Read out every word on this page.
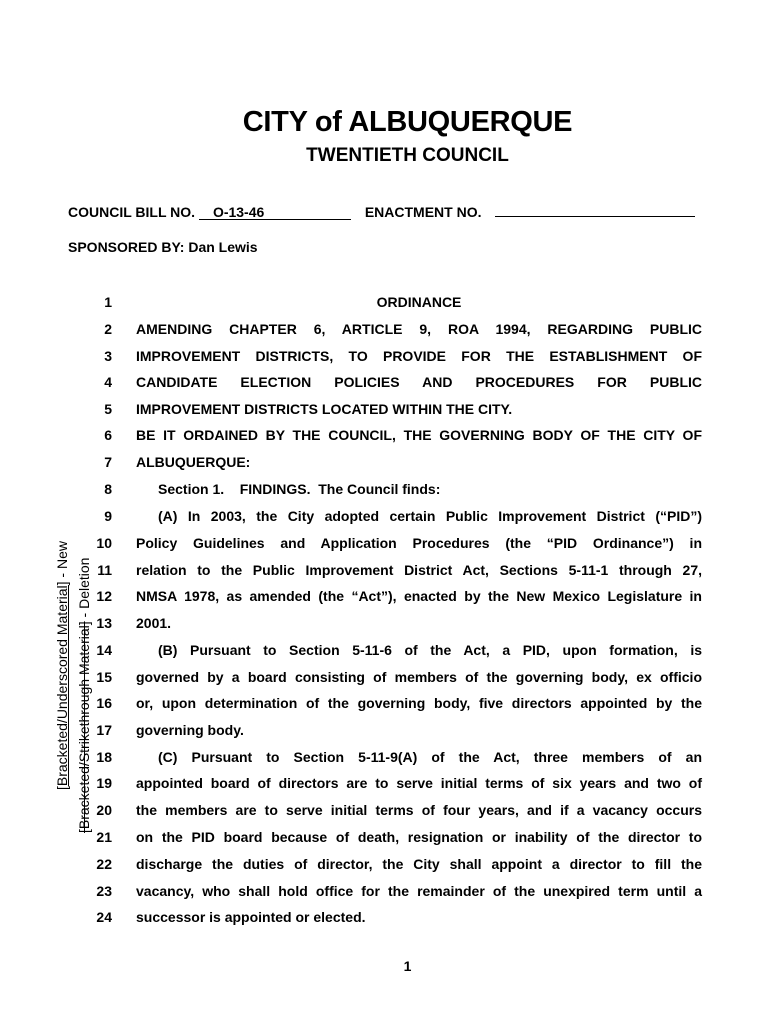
CITY of ALBUQUERQUE
TWENTIETH COUNCIL
COUNCIL BILL NO. O-13-46	ENACTMENT NO.
SPONSORED BY: Dan Lewis
[Bracketed/Underscored Material] - New
[Bracketed/Strikethrough Material] - Deletion
1	ORDINANCE
2 AMENDING CHAPTER 6, ARTICLE 9, ROA 1994, REGARDING PUBLIC
3 IMPROVEMENT DISTRICTS, TO PROVIDE FOR THE ESTABLISHMENT OF
4 CANDIDATE ELECTION POLICIES AND PROCEDURES FOR PUBLIC
5 IMPROVEMENT DISTRICTS LOCATED WITHIN THE CITY.
6 BE IT ORDAINED BY THE COUNCIL, THE GOVERNING BODY OF THE CITY OF
7 ALBUQUERQUE:
8	Section 1.    FINDINGS.  The Council finds:
9	(A) In 2003, the City adopted certain Public Improvement District (“PID”)
10 Policy Guidelines and Application Procedures (the “PID Ordinance”) in
11 relation to the Public Improvement District Act, Sections 5-11-1 through 27,
12 NMSA 1978, as amended (the “Act”), enacted by the New Mexico Legislature in
13 2001.
14	(B) Pursuant to Section 5-11-6 of the Act, a PID, upon formation, is
15 governed by a board consisting of members of the governing body, ex officio
16 or, upon determination of the governing body, five directors appointed by the
17 governing body.
18	(C) Pursuant to Section 5-11-9(A) of the Act, three members of an
19 appointed board of directors are to serve initial terms of six years and two of
20 the members are to serve initial terms of four years, and if a vacancy occurs
21 on the PID board because of death, resignation or inability of the director to
22 discharge the duties of director, the City shall appoint a director to fill the
23 vacancy, who shall hold office for the remainder of the unexpired term until a
24 successor is appointed or elected.
1
